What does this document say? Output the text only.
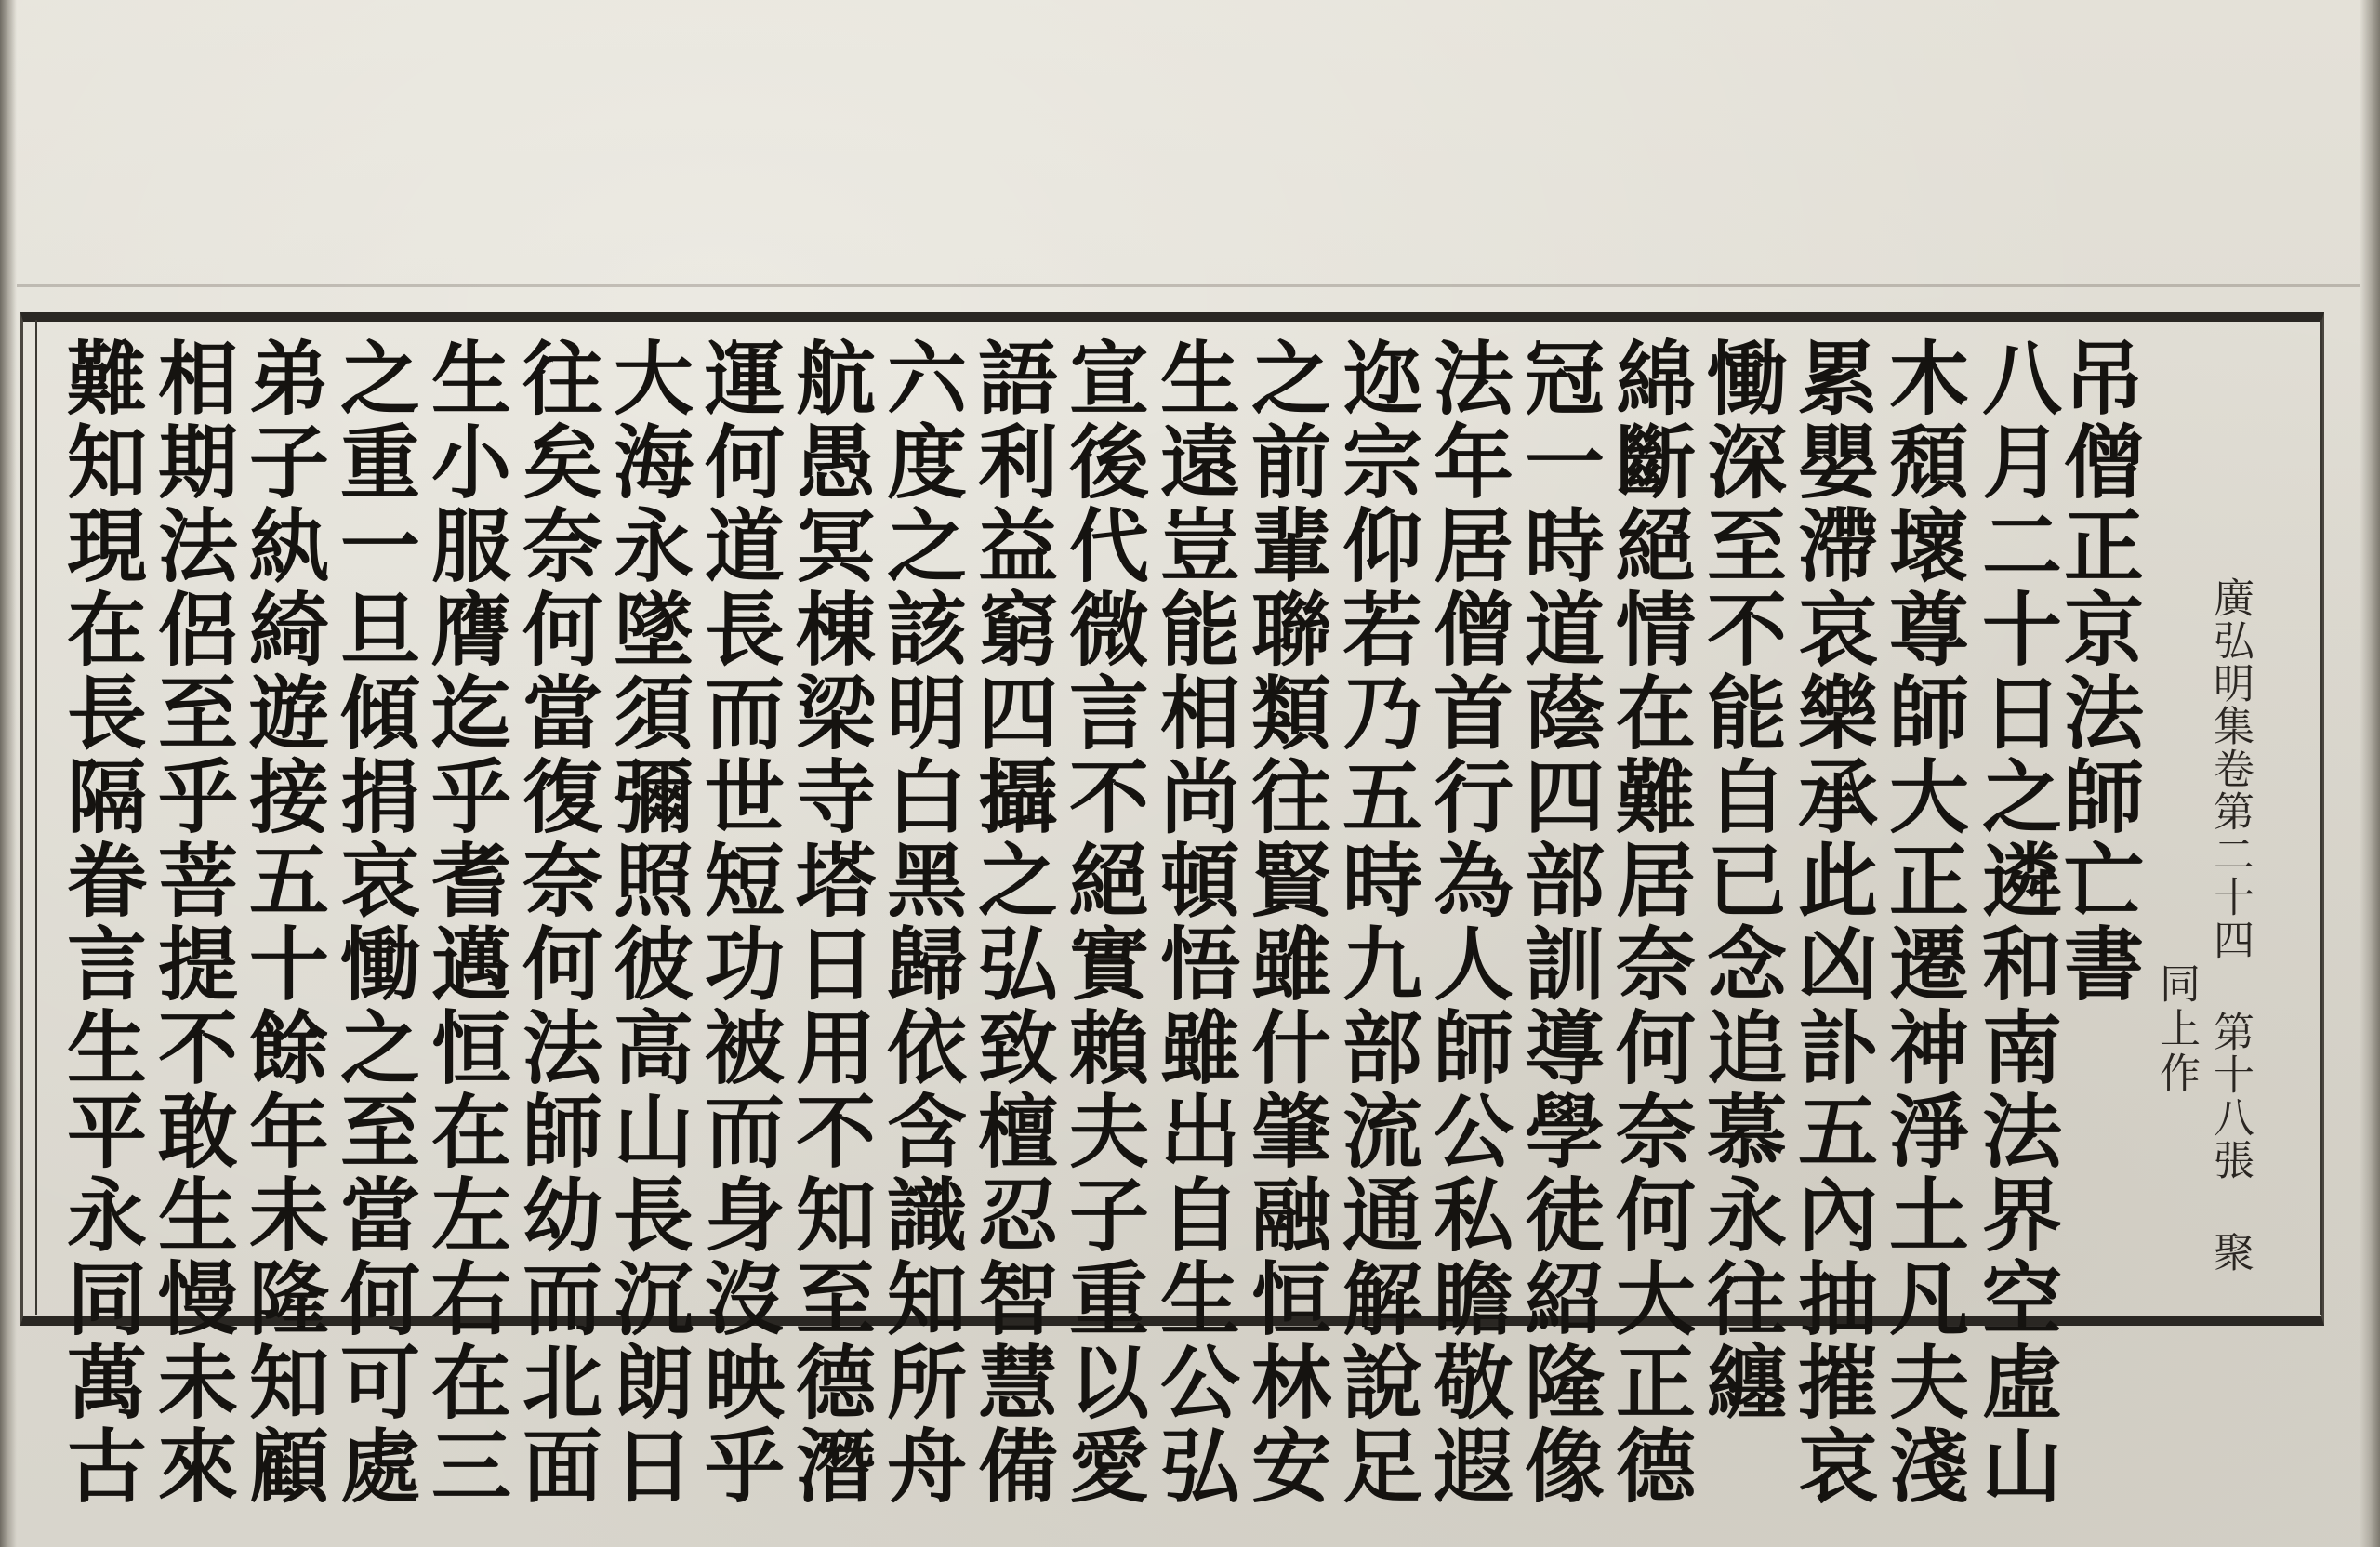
廣弘明集卷第二十四 第十八張 聚
同上作
吊僧正京法師亡書
八月二十日之遴和南法界空虛山
木頹壞尊師大正遷神淨土凡夫淺
累嬰滯哀樂承此凶訃五內抽摧哀
慟深至不能自已念追慕永往纏
綿斷絕情在難居奈何奈何大正德
冠一時道蔭四部訓導學徒紹隆像
法年居僧首行為人師公私瞻敬遐
迩宗仰若乃五時九部流通解說足
之前輩聯類往賢雖什肇融恒林安
生遠豈能相尚頓悟雖出自生公弘
宣後代微言不絕實賴夫子重以愛
語利益窮四攝之弘致檀忍智慧備
六度之該明白黑歸依含識知所舟
航愚冥棟梁寺塔日用不知至德潛
運何道長而世短功被而身沒映乎
大海永墜須彌照彼高山長沉朗日
往矣奈何當復奈何法師幼而北面
生小服膺迄乎耆邁恒在左右在三
之重一旦傾捐哀慟之至當何可處
弟子紈綺遊接五十餘年未隆知顧
相期法侶至乎菩提不敢生慢未來
難知現在長隔眷言生平永同萬古
